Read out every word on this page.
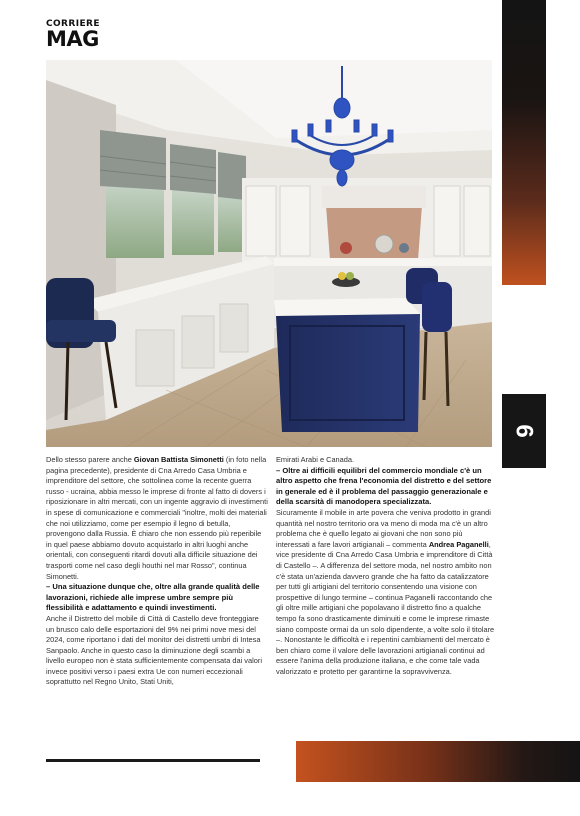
CORRIERE
MAG
6

Dello stesso parere anche Giovan Battista Simonetti (in foto nella pagina precedente), presidente di Cna Arredo Casa Umbria e imprenditore del settore, che sottolinea come la recente guerra russo - ucraina, abbia messo le imprese di fronte al fatto di dovers i riposizionare in altri mercati, con un ingente aggravio di investimenti in spese di comunicazione e commerciali "inoltre, molti dei materiali che noi utilizziamo, come per esempio il legno di betulla, provengono dalla Russia. È chiaro che non essendo più reperibile in quel paese abbiamo dovuto acquistarlo in altri luoghi anche orientali, con conseguenti ritardi dovuti alla difficile situazione dei trasporti come nel caso degli houthi nel mar Rosso", continua Simonetti.

– Una situazione dunque che, oltre alla grande qualità delle lavorazioni, richiede alle imprese umbre sempre più flessibilità e adattamento e quindi investimenti.

Anche il Distretto del mobile di Città di Castello deve fronteggiare un brusco calo delle esportazioni del 9% nei primi nove mesi del 2024, come riportano i dati del monitor dei distretti umbri di Intesa Sanpaolo. Anche in questo caso la diminuzione degli scambi a livello europeo non è stata sufficientemente compensata dai valori invece positivi verso i paesi extra Ue con numeri eccezionali soprattutto nel Regno Unito, Stati Uniti,

Emirati Arabi e Canada.

– Oltre ai difficili equilibri del commercio mondiale c'è un altro aspetto che frena l'economia del distretto e del settore in generale ed è il problema del passaggio generazionale e della scarsità di manodopera specializzata.

Sicuramente il mobile in arte povera che veniva prodotto in grandi quantità nel nostro territorio ora va meno di moda ma c'è un altro problema che è quello legato ai giovani che non sono più interessati a fare lavori artigianali – commenta Andrea Paganelli, vice presidente di Cna Arredo Casa Umbria e imprenditore di Città di Castello –. A differenza del settore moda, nel nostro ambito non c'è stata un'azienda davvero grande che ha fatto da catalizzatore per tutti gli artigiani del territorio consentendo una visione con prospettive di lungo termine – continua Paganelli raccontando che gli oltre mille artigiani che popolavano il distretto fino a qualche tempo fa sono drasticamente diminuiti e come le imprese rimaste siano composte ormai da un solo dipendente, a volte solo il titolare –. Nonostante le difficoltà e i repentini cambiamenti del mercato è ben chiaro come il valore delle lavorazioni artigianali continui ad essere l'anima della produzione italiana, e che come tale vada valorizzato e protetto per garantirne la sopravvivenza.
